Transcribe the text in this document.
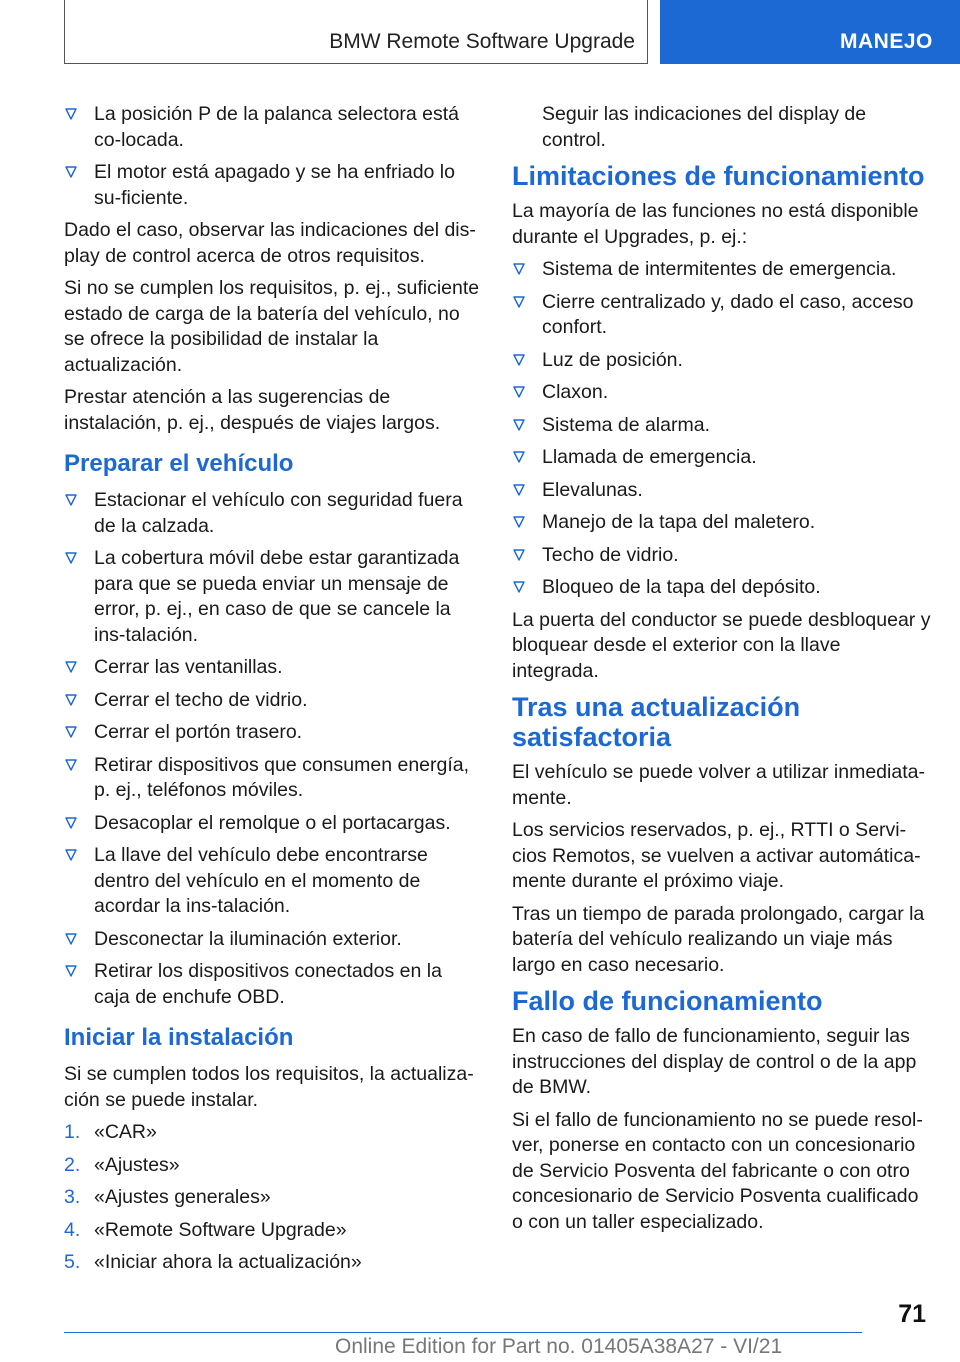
BMW Remote Software Upgrade	MANEJO
La posición P de la palanca selectora está co-locada.
El motor está apagado y se ha enfriado lo su-ficiente.

Dado el caso, observar las indicaciones del dis-play de control acerca de otros requisitos.

Si no se cumplen los requisitos, p. ej., suficiente estado de carga de la batería del vehículo, no se ofrece la posibilidad de instalar la actualización.

Prestar atención a las sugerencias de instalación, p. ej., después de viajes largos.

Preparar el vehículo
Estacionar el vehículo con seguridad fuera de la calzada.
La cobertura móvil debe estar garantizada para que se pueda enviar un mensaje de error, p. ej., en caso de que se cancele la ins-talación.
Cerrar las ventanillas.
Cerrar el techo de vidrio.
Cerrar el portón trasero.
Retirar dispositivos que consumen energía, p. ej., teléfonos móviles.
Desacoplar el remolque o el portacargas.
La llave del vehículo debe encontrarse dentro del vehículo en el momento de acordar la ins-talación.
Desconectar la iluminación exterior.
Retirar los dispositivos conectados en la caja de enchufe OBD.
Iniciar la instalación

Si se cumplen todos los requisitos, la actualiza-ción se puede instalar.

1. «CAR»
2. «Ajustes»
3. «Ajustes generales»
4. «Remote Software Upgrade»
5. «Iniciar ahora la actualización»

Seguir las indicaciones del display de control.

Limitaciones de funcionamiento

La mayoría de las funciones no está disponible durante el Upgrades, p. ej.:

Sistema de intermitentes de emergencia.
Cierre centralizado y, dado el caso, acceso confort.
Luz de posición.
Claxon.
Sistema de alarma.
Llamada de emergencia.
Elevalunas.
Manejo de la tapa del maletero.
Techo de vidrio.
Bloqueo de la tapa del depósito.

La puerta del conductor se puede desbloquear y bloquear desde el exterior con la llave integrada.

Tras una actualización satisfactoria

El vehículo se puede volver a utilizar inmediata-mente.

Los servicios reservados, p. ej., RTTI o Servi-cios Remotos, se vuelven a activar automática-mente durante el próximo viaje.

Tras un tiempo de parada prolongado, cargar la batería del vehículo realizando un viaje más largo en caso necesario.

Fallo de funcionamiento

En caso de fallo de funcionamiento, seguir las instrucciones del display de control o de la app de BMW.

Si el fallo de funcionamiento no se puede resol-ver, ponerse en contacto con un concesionario de Servicio Posventa del fabricante o con otro concesionario de Servicio Posventa cualificado o con un taller especializado.

71
Online Edition for Part no. 01405A38A27 - VI/21
